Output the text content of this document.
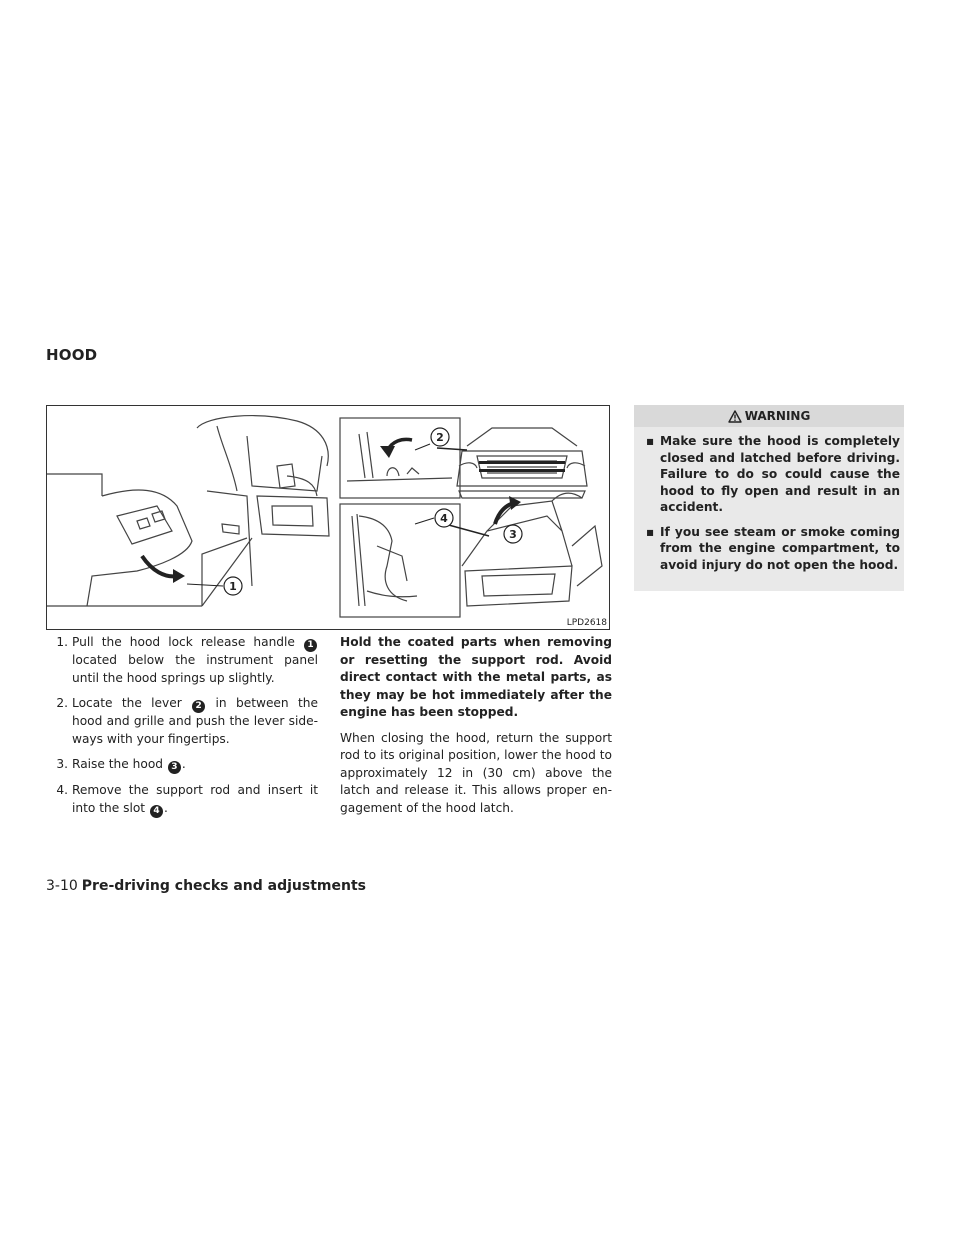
HOOD
1
2
3
4
LPD2618
1. Pull the hood lock release handle 1 located below the instrument panel until the hood springs up slightly.
2. Locate the lever 2 in between the hood and grille and push the lever side-ways with your fingertips.
3. Raise the hood 3 .
4. Remove the support rod and insert it into the slot 4 .

Hold the coated parts when removing or resetting the support rod. Avoid direct contact with the metal parts, as they may be hot immediately after the engine has been stopped.

When closing the hood, return the support rod to its original position, lower the hood to approximately 12 in (30 cm) above the latch and release it. This allows proper en-gagement of the hood latch.

WARNING
▪ Make sure the hood is completely closed and latched before driving. Failure to do so could cause the hood to fly open and result in an accident.
▪ If you see steam or smoke coming from the engine compartment, to avoid injury do not open the hood.
3-10 Pre-driving checks and adjustments
